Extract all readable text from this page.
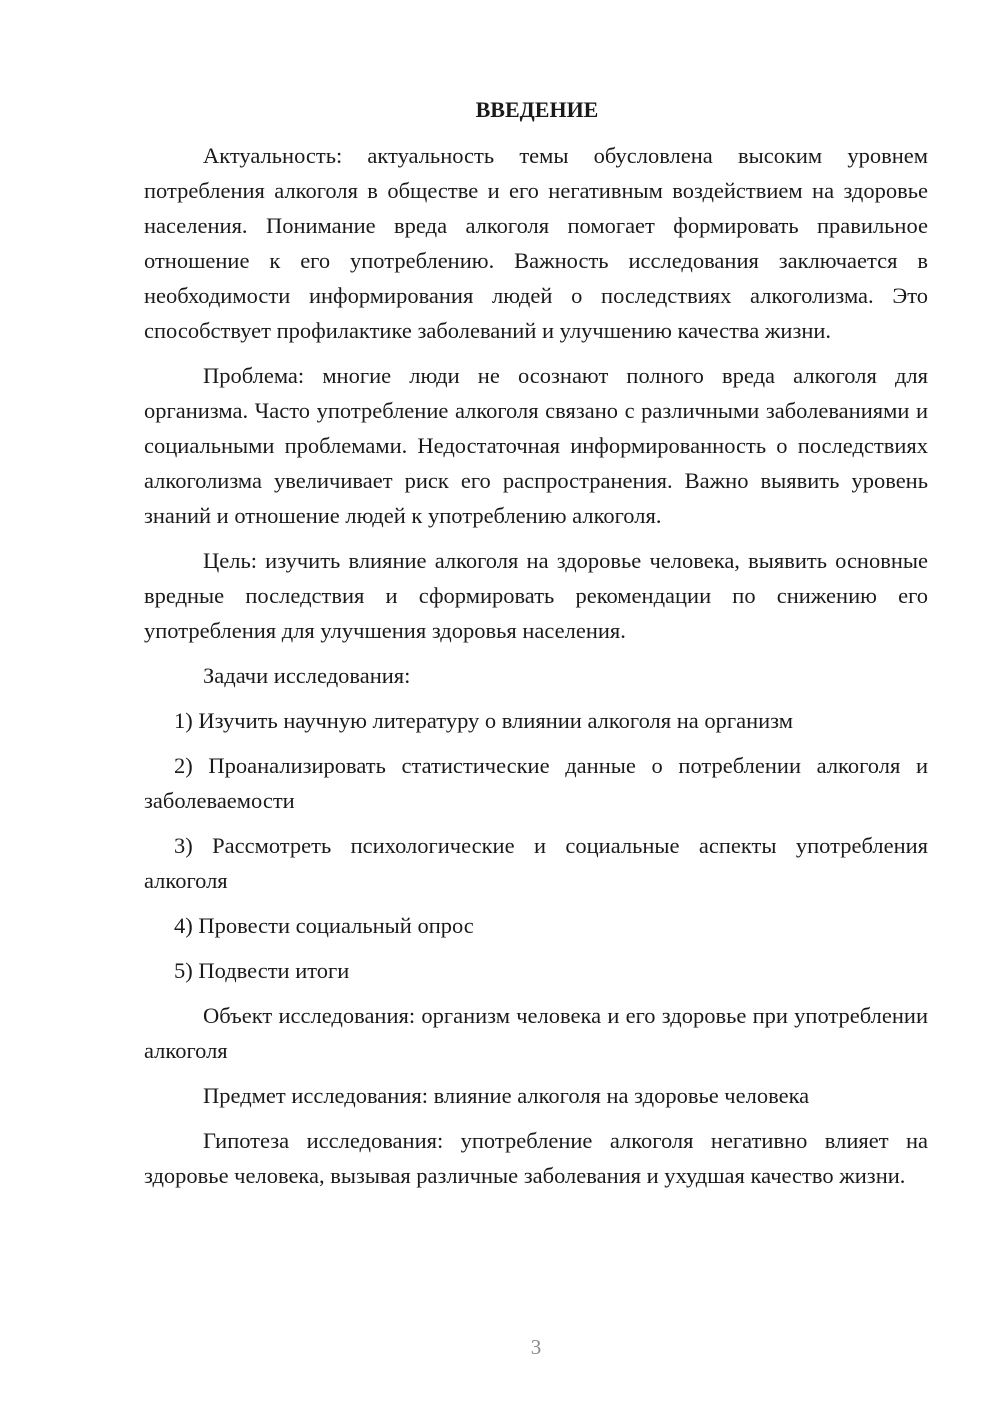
ВВЕДЕНИЕ

Актуальность: актуальность темы обусловлена высоким уровнем потребления алкоголя в обществе и его негативным воздействием на здоровье населения. Понимание вреда алкоголя помогает формировать правильное отношение к его употреблению. Важность исследования заключается в необходимости информирования людей о последствиях алкоголизма. Это способствует профилактике заболеваний и улучшению качества жизни.

Проблема: многие люди не осознают полного вреда алкоголя для организма. Часто употребление алкоголя связано с различными заболеваниями и социальными проблемами. Недостаточная информированность о последствиях алкоголизма увеличивает риск его распространения. Важно выявить уровень знаний и отношение людей к употреблению алкоголя.

Цель: изучить влияние алкоголя на здоровье человека, выявить основные вредные последствия и сформировать рекомендации по снижению его употребления для улучшения здоровья населения.

Задачи исследования:

1) Изучить научную литературу о влиянии алкоголя на организм

2) Проанализировать статистические данные о потреблении алкоголя и заболеваемости

3) Рассмотреть психологические и социальные аспекты употребления алкоголя

4) Провести социальный опрос

5) Подвести итоги

Объект исследования: организм человека и его здоровье при употреблении алкоголя

Предмет исследования: влияние алкоголя на здоровье человека

Гипотеза исследования: употребление алкоголя негативно влияет на здоровье человека, вызывая различные заболевания и ухудшая качество жизни.

3
